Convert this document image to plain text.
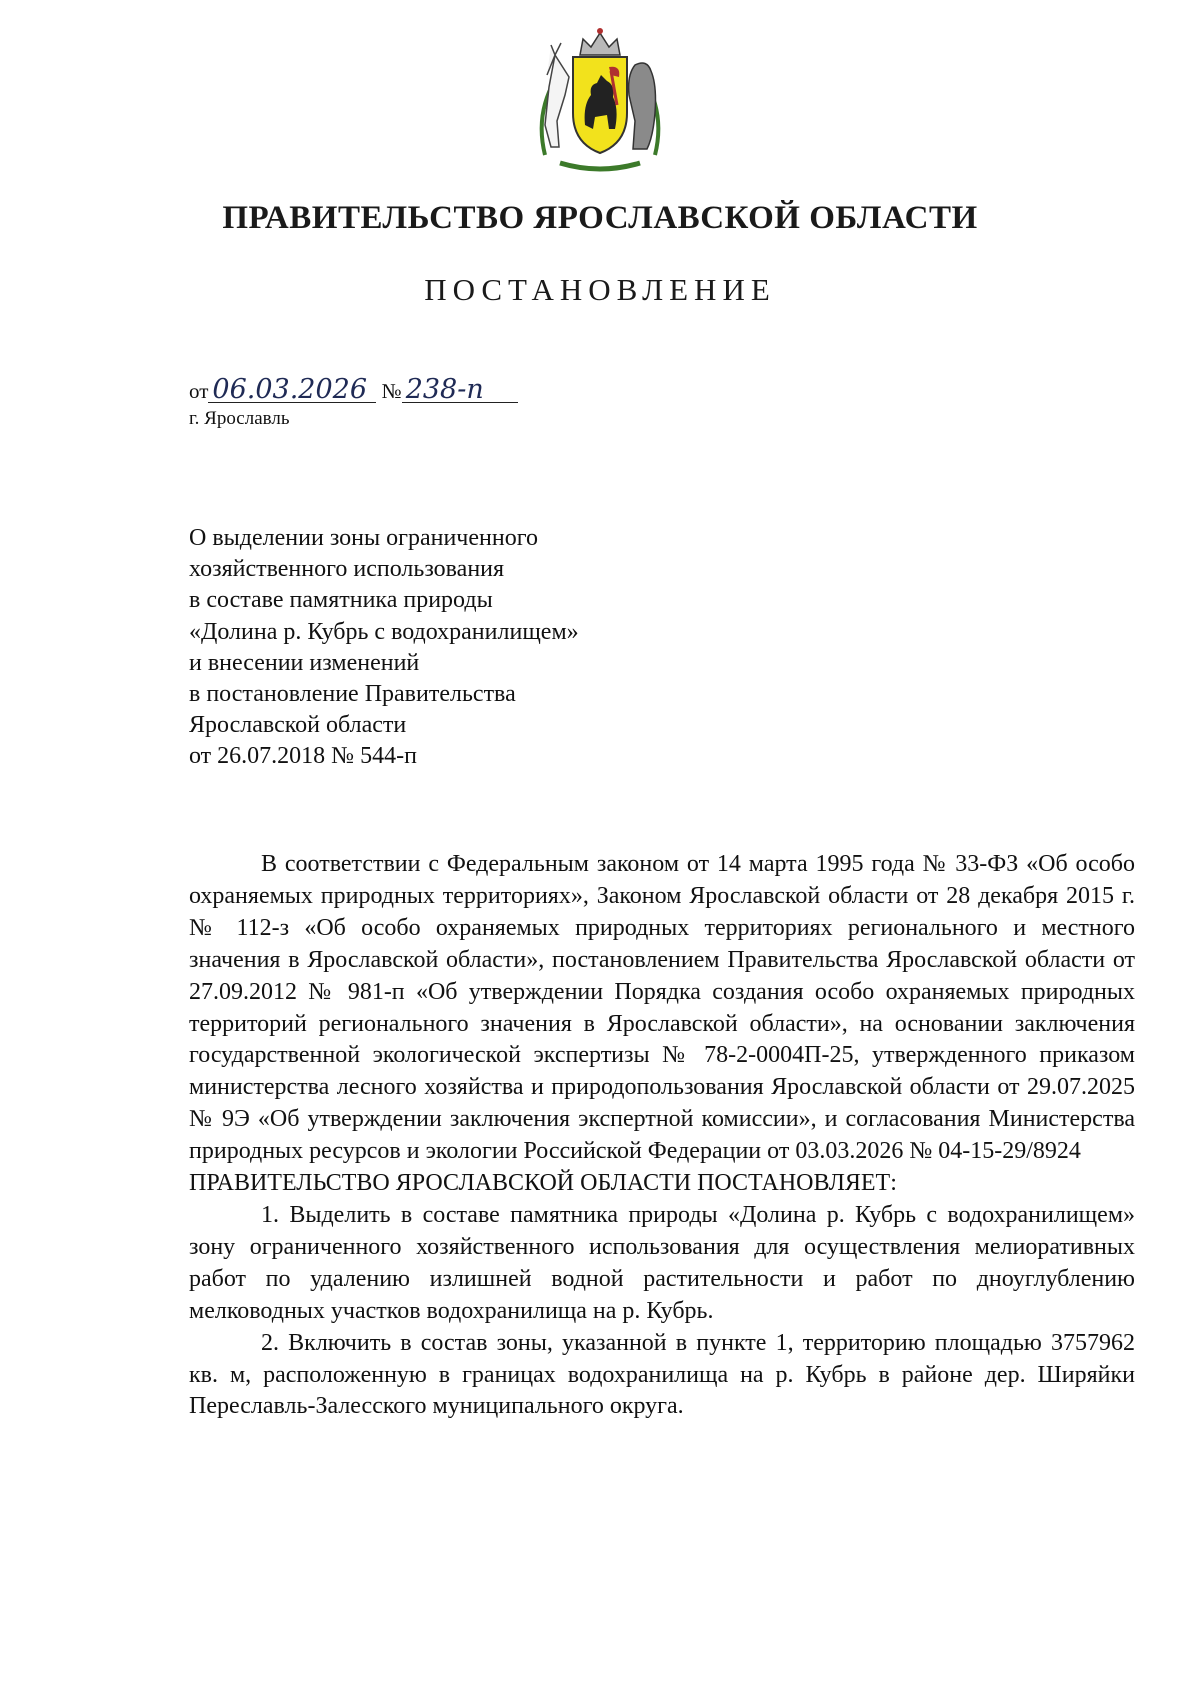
ПРАВИТЕЛЬСТВО ЯРОСЛАВСКОЙ ОБЛАСТИ
ПОСТАНОВЛЕНИЕ
от 06.03.2026 № 238-п
г. Ярославль
О выделении зоны ограниченного
хозяйственного использования
в составе памятника природы
«Долина р. Кубрь с водохранилищем»
и внесении изменений
в постановление Правительства
Ярославской области
от 26.07.2018 № 544-п

В соответствии с Федеральным законом от 14 марта 1995 года № 33-ФЗ «Об особо охраняемых природных территориях», Законом Ярославской области от 28 декабря 2015 г. № 112-з «Об особо охраняемых природных территориях регионального и местного значения в Ярославской области», постановлением Правительства Ярославской области от 27.09.2012 № 981-п «Об утверждении Порядка создания особо охраняемых природных территорий регионального значения в Ярославской области», на основании заключения государственной экологической экспертизы № 78-2-0004П-25, утвержденного приказом министерства лесного хозяйства и природопользования Ярославской области от 29.07.2025 № 9Э «Об утверждении заключения экспертной комиссии», и согласования Министерства природных ресурсов и экологии Российской Федерации от 03.03.2026 № 04-15-29/8924

ПРАВИТЕЛЬСТВО ЯРОСЛАВСКОЙ ОБЛАСТИ ПОСТАНОВЛЯЕТ:

1. Выделить в составе памятника природы «Долина р. Кубрь с водохранилищем» зону ограниченного хозяйственного использования для осуществления мелиоративных работ по удалению излишней водной растительности и работ по дноуглублению мелководных участков водохранилища на р. Кубрь.

2. Включить в состав зоны, указанной в пункте 1, территорию площадью 3757962 кв. м, расположенную в границах водохранилища на р. Кубрь в районе дер. Ширяйки Переславль-Залесского муниципального округа.
